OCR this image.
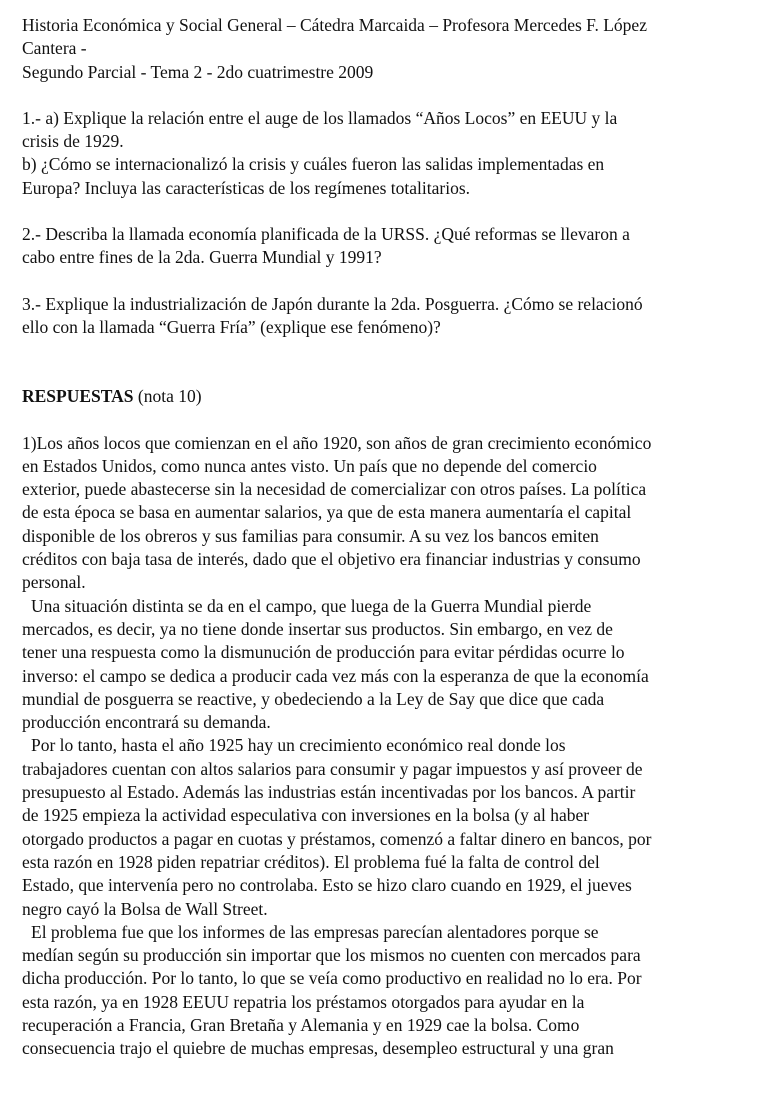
Historia Económica y Social General – Cátedra Marcaida – Profesora Mercedes F. López
Cantera -
Segundo Parcial - Tema 2 - 2do cuatrimestre 2009
1.- a) Explique la relación entre el auge de los llamados “Años Locos” en EEUU y la
crisis de 1929.
b) ¿Cómo se internacionalizó la crisis y cuáles fueron las salidas implementadas en
Europa? Incluya las características de los regímenes totalitarios.
2.- Describa la llamada economía planificada de la URSS. ¿Qué reformas se llevaron a
cabo entre fines de la 2da. Guerra Mundial y 1991?
3.- Explique la industrialización de Japón durante la 2da. Posguerra. ¿Cómo se relacionó
ello con la llamada “Guerra Fría” (explique ese fenómeno)?
RESPUESTAS (nota 10)
1)Los años locos que comienzan en el año 1920, son años de gran crecimiento económico
en Estados Unidos, como nunca antes visto. Un país que no depende del comercio
exterior, puede abastecerse sin la necesidad de comercializar con otros países. La política
de esta época se basa en aumentar salarios, ya que de esta manera aumentaría el capital
disponible de los obreros y sus familias para consumir. A su vez los bancos emiten
créditos con baja tasa de interés, dado que el objetivo era financiar industrias y consumo
personal.
Una situación distinta se da en el campo, que luega de la Guerra Mundial pierde
mercados, es decir, ya no tiene donde insertar sus productos. Sin embargo, en vez de
tener una respuesta como la dismunución de producción para evitar pérdidas ocurre lo
inverso: el campo se dedica a producir cada vez más con la esperanza de que la economía
mundial de posguerra se reactive, y obedeciendo a la Ley de Say que dice que cada
producción encontrará su demanda.
Por lo tanto, hasta el año 1925 hay un crecimiento económico real donde los
trabajadores cuentan con altos salarios para consumir y pagar impuestos y así proveer de
presupuesto al Estado. Además las industrias están incentivadas por los bancos. A partir
de 1925 empieza la actividad especulativa con inversiones en la bolsa (y al haber
otorgado productos a pagar en cuotas y préstamos, comenzó a faltar dinero en bancos, por
esta razón en 1928 piden repatriar créditos). El problema fué la falta de control del
Estado, que intervenía pero no controlaba. Esto se hizo claro cuando en 1929, el jueves
negro cayó la Bolsa de Wall Street.
El problema fue que los informes de las empresas parecían alentadores porque se
medían según su producción sin importar que los mismos no cuenten con mercados para
dicha producción. Por lo tanto, lo que se veía como productivo en realidad no lo era. Por
esta razón, ya en 1928 EEUU repatria los préstamos otorgados para ayudar en la
recuperación a Francia, Gran Bretaña y Alemania y en 1929 cae la bolsa. Como
consecuencia trajo el quiebre de muchas empresas, desempleo estructural y una gran
